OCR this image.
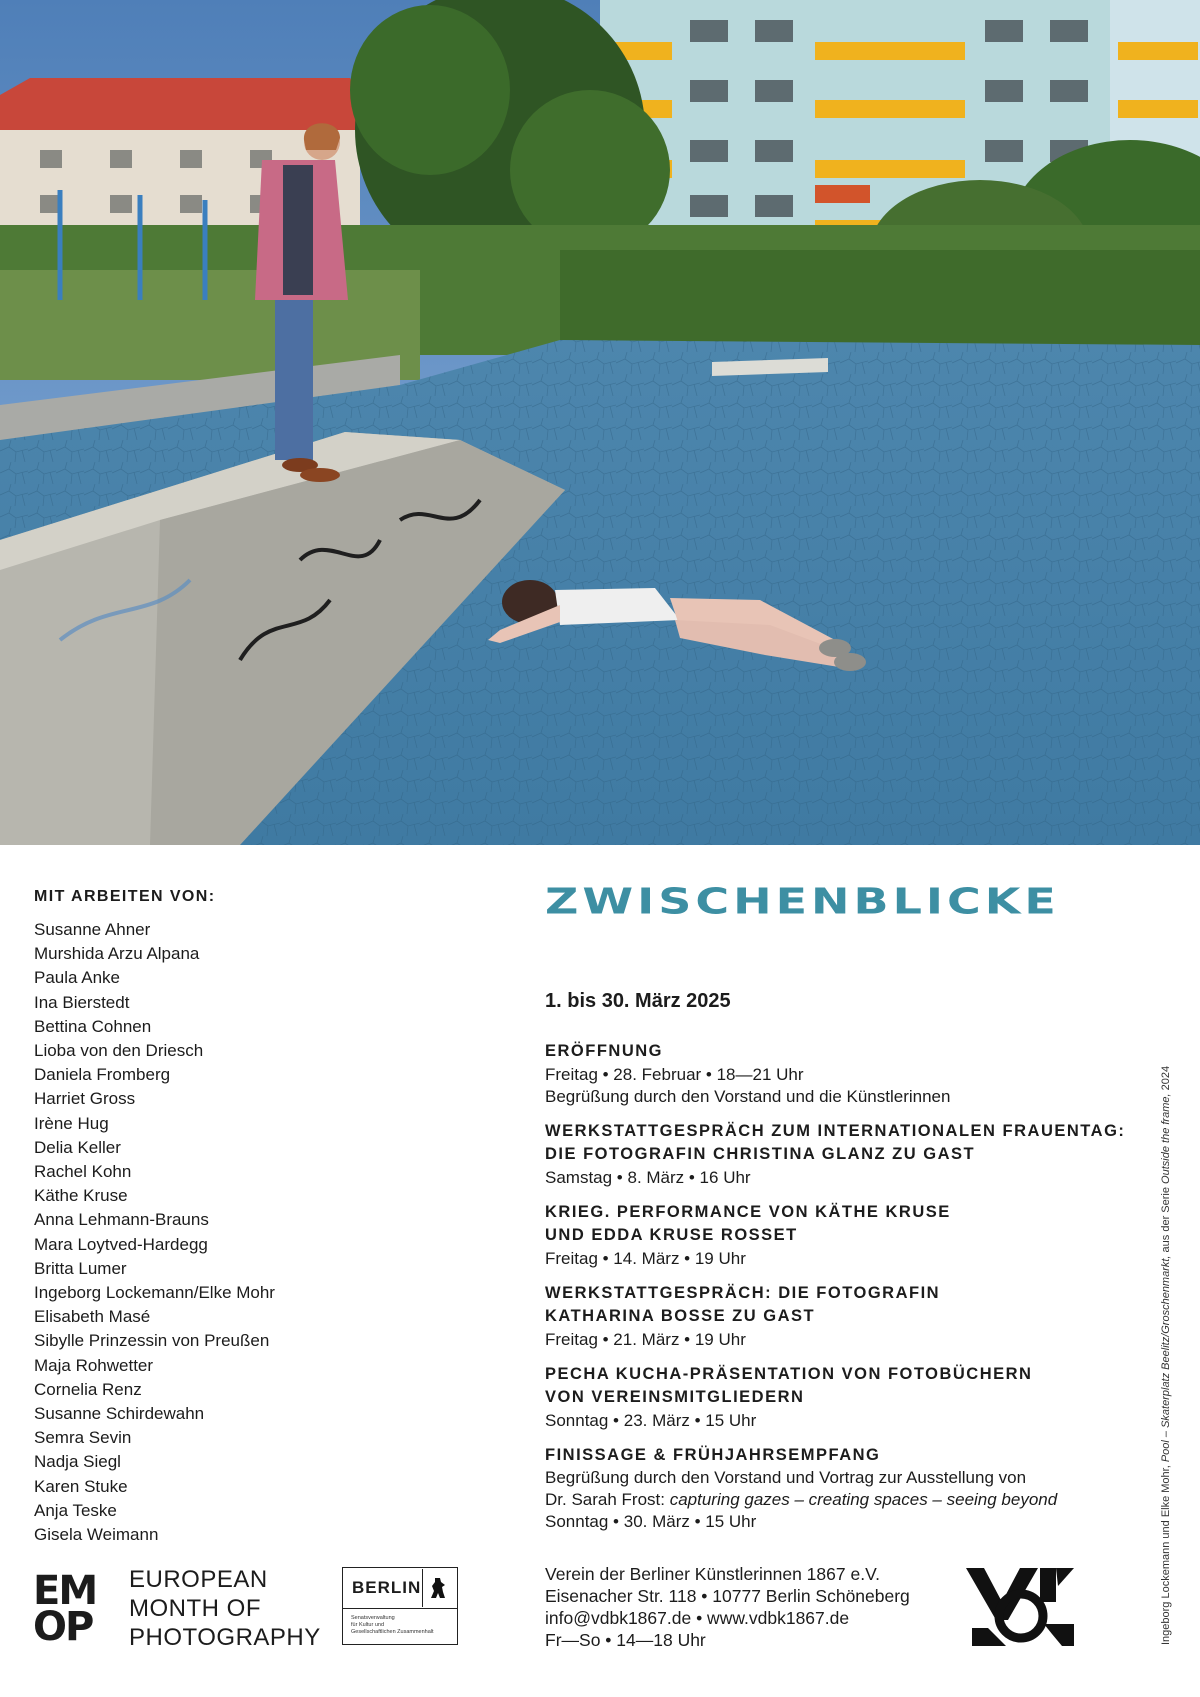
MIT ARBEITEN VON:
Susanne Ahner
Murshida Arzu Alpana
Paula Anke
Ina Bierstedt
Bettina Cohnen
Lioba von den Driesch
Daniela Fromberg
Harriet Gross
Irène Hug
Delia Keller
Rachel Kohn
Käthe Kruse
Anna Lehmann-Brauns
Mara Loytved-Hardegg
Britta Lumer
Ingeborg Lockemann/Elke Mohr
Elisabeth Masé
Sibylle Prinzessin von Preußen
Maja Rohwetter
Cornelia Renz
Susanne Schirdewahn
Semra Sevin
Nadja Siegl
Karen Stuke
Anja Teske
Gisela Weimann
ZWISCHENBLICKE
1. bis 30. März 2025
ERÖFFNUNG

Freitag • 28. Februar • 18—21 Uhr

Begrüßung durch den Vorstand und die Künstlerinnen

WERKSTATTGESPRÄCH ZUM INTERNATIONALEN FRAUENTAG:
DIE FOTOGRAFIN CHRISTINA GLANZ ZU GAST

Samstag • 8. März • 16 Uhr

KRIEG. PERFORMANCE VON KÄTHE KRUSE
UND EDDA KRUSE ROSSET

Freitag • 14. März • 19 Uhr

WERKSTATTGESPRÄCH: DIE FOTOGRAFIN
KATHARINA BOSSE ZU GAST

Freitag • 21. März • 19 Uhr

PECHA KUCHA-PRÄSENTATION VON FOTOBÜCHERN
VON VEREINSMITGLIEDERN

Sonntag • 23. März • 15 Uhr

FINISSAGE & FRÜHJAHRSEMPFANG

Begrüßung durch den Vorstand und Vortrag zur Ausstellung von

Dr. Sarah Frost: capturing gazes – creating spaces – seeing beyond

Sonntag • 30. März • 15 Uhr

Verein der Berliner Künstlerinnen 1867 e.V.
Eisenacher Str. 118 • 10777 Berlin Schöneberg
info@vdbk1867.de • www.vdbk1867.de
Fr—So • 14—18 Uhr
EM
OP
EUROPEAN
MONTH OF
PHOTOGRAPHY
BERLIN
Senatsverwaltung
für Kultur und
Gesellschaftlichen Zusammenhalt	Ingeborg Lockemann und Elke Mohr, Pool – Skaterplatz Beelitz/Groschenmarkt, aus der Serie Outside the frame, 2024
